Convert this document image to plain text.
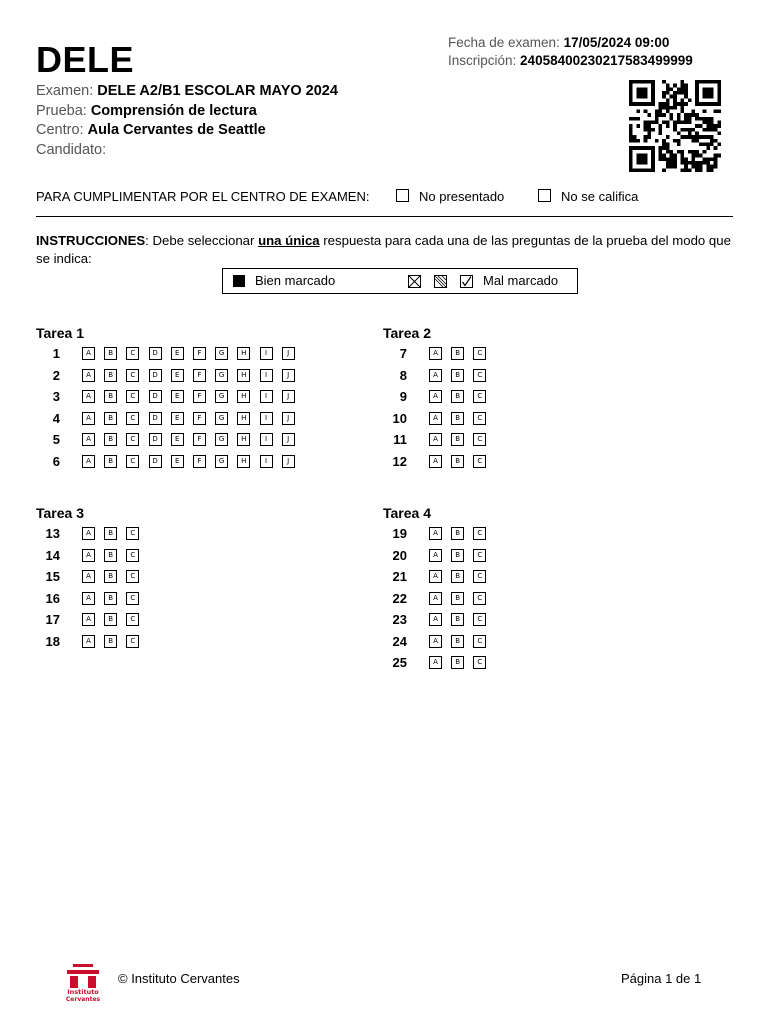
DELE	Fecha de examen: 17/05/2024 09:00
Inscripción: 24058400230217583499999
Examen: DELE A2/B1 ESCOLAR MAYO 2024
Prueba: Comprensión de lectura
Centro: Aula Cervantes de Seattle
Candidato:
PARA CUMPLIMENTAR POR EL CENTRO DE EXAMEN:	No presentado	No se califica
INSTRUCCIONES: Debe seleccionar una única respuesta para cada una de las preguntas de la prueba del modo que se indica:
Bien marcado	Mal marcado
Tarea 1
1	A	B	C	D	E	F	G	H	I	J
2	A	B	C	D	E	F	G	H	I	J
3	A	B	C	D	E	F	G	H	I	J
4	A	B	C	D	E	F	G	H	I	J
5	A	B	C	D	E	F	G	H	I	J
6	A	B	C	D	E	F	G	H	I	J
Tarea 2
7	A	B	C
8	A	B	C
9	A	B	C
10	A	B	C
11	A	B	C
12	A	B	C
Tarea 3
13	A	B	C
14	A	B	C
15	A	B	C
16	A	B	C
17	A	B	C
18	A	B	C
Tarea 4
19	A	B	C
20	A	B	C
21	A	B	C
22	A	B	C
23	A	B	C
24	A	B	C
25	A	B	C
Instituto
Cervantes
© Instituto Cervantes	Página 1 de 1
